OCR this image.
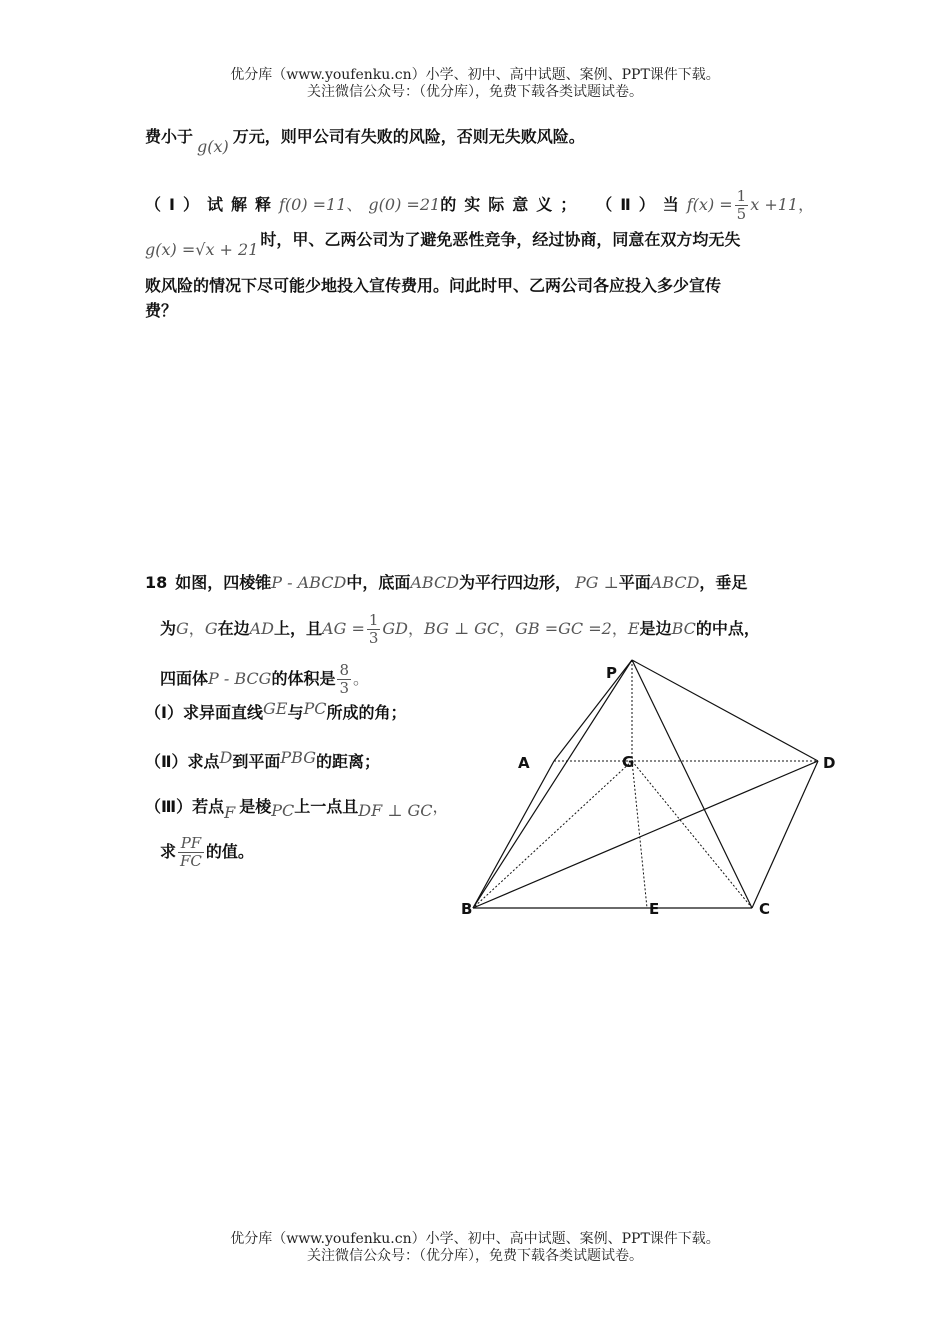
优分库（www.youfenku.cn）小学、初中、高中试题、案例、PPT课件下载。
关注微信公众号：（优分库），免费下载各类试题试卷。
费小于g(x)万元，则甲公司有失败的风险，否则无失败风险。
（Ⅰ）试解释f(0) =11、 g(0) =21的实际意义； （Ⅱ）当$f(x) = \frac{1}{5}$ x +11，
g(x) =√x + 21时，甲、乙两公司为了避免恶性竞争，经过协商，同意在双方均无失
败风险的情况下尽可能少地投入宣传费用。问此时甲、乙两公司各应投入多少宣传
费？
18 如图，四棱锥P - ABCD中，底面ABCD为平行四边形， PG ⊥平面ABCD，垂足
为G，G在边AD上，且AG = $\frac{1}{3}$ GD，BG ⊥ GC，GB =GC =2，E是边BC的中点，
四面体P - BCG的体积是 $\frac{8}{3}$ 。
（Ⅰ）求异面直线GE与PC所成的角；
（Ⅱ）求点D到平面PBG的距离；
（Ⅲ）若点F 是棱PC上一点且DF ⊥ GC，
求 $\frac{PF}{FC}$ 的值。
P
A	G	D
B	E	C
优分库（www.youfenku.cn）小学、初中、高中试题、案例、PPT课件下载。
关注微信公众号：（优分库），免费下载各类试题试卷。
